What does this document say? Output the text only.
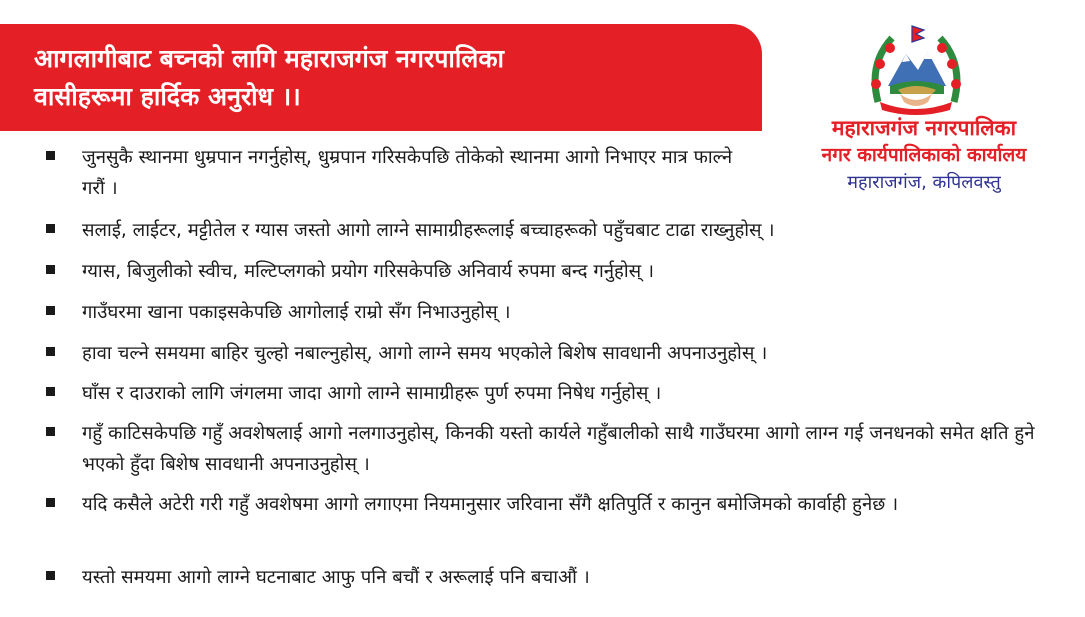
आगलागीबाट बच्नको लागि महाराजगंज नगरपालिका
वासीहरूमा हार्दिक अनुरोध ।।
महाराजगंज नगरपालिका
नगर कार्यपालिकाको कार्यालय
महाराजगंज, कपिलवस्तु
जुनसुकै स्थानमा धुम्रपान नगर्नुहोस्, धुम्रपान गरिसकेपछि तोकेको स्थानमा आगो निभाएर मात्र फाल्ने गरौं ।
सलाई, लाईटर, मट्टीतेल र ग्यास जस्तो आगो लाग्ने सामाग्रीहरूलाई बच्चाहरूको पहुँचबाट टाढा राख्नुहोस् ।
ग्यास, बिजुलीको स्वीच, मल्टिप्लगको प्रयोग गरिसकेपछि अनिवार्य रुपमा बन्द गर्नुहोस् ।
गाउँघरमा खाना पकाइसकेपछि आगोलाई राम्रो सँग निभाउनुहोस् ।
हावा चल्ने समयमा बाहिर चुल्हो नबाल्नुहोस्, आगो लाग्ने समय भएकोले बिशेष सावधानी अपनाउनुहोस् ।
घाँस र दाउराको लागि जंगलमा जादा आगो लाग्ने सामाग्रीहरू पुर्ण रुपमा निषेध गर्नुहोस् ।
गहुँ काटिसकेपछि गहुँ अवशेषलाई आगो नलगाउनुहोस्, किनकी यस्तो कार्यले गहुँबालीको साथै गाउँघरमा आगो लाग्न गई जनधनको समेत क्षति हुने भएको हुँदा बिशेष सावधानी अपनाउनुहोस् ।
यदि कसैले अटेरी गरी गहुँ अवशेषमा आगो लगाएमा नियमानुसार जरिवाना सँगै क्षतिपुर्ति र कानुन बमोजिमको कार्वाही हुनेछ ।
यस्तो समयमा आगो लाग्ने घटनाबाट आफु पनि बचौं र अरूलाई पनि बचाऔं ।
